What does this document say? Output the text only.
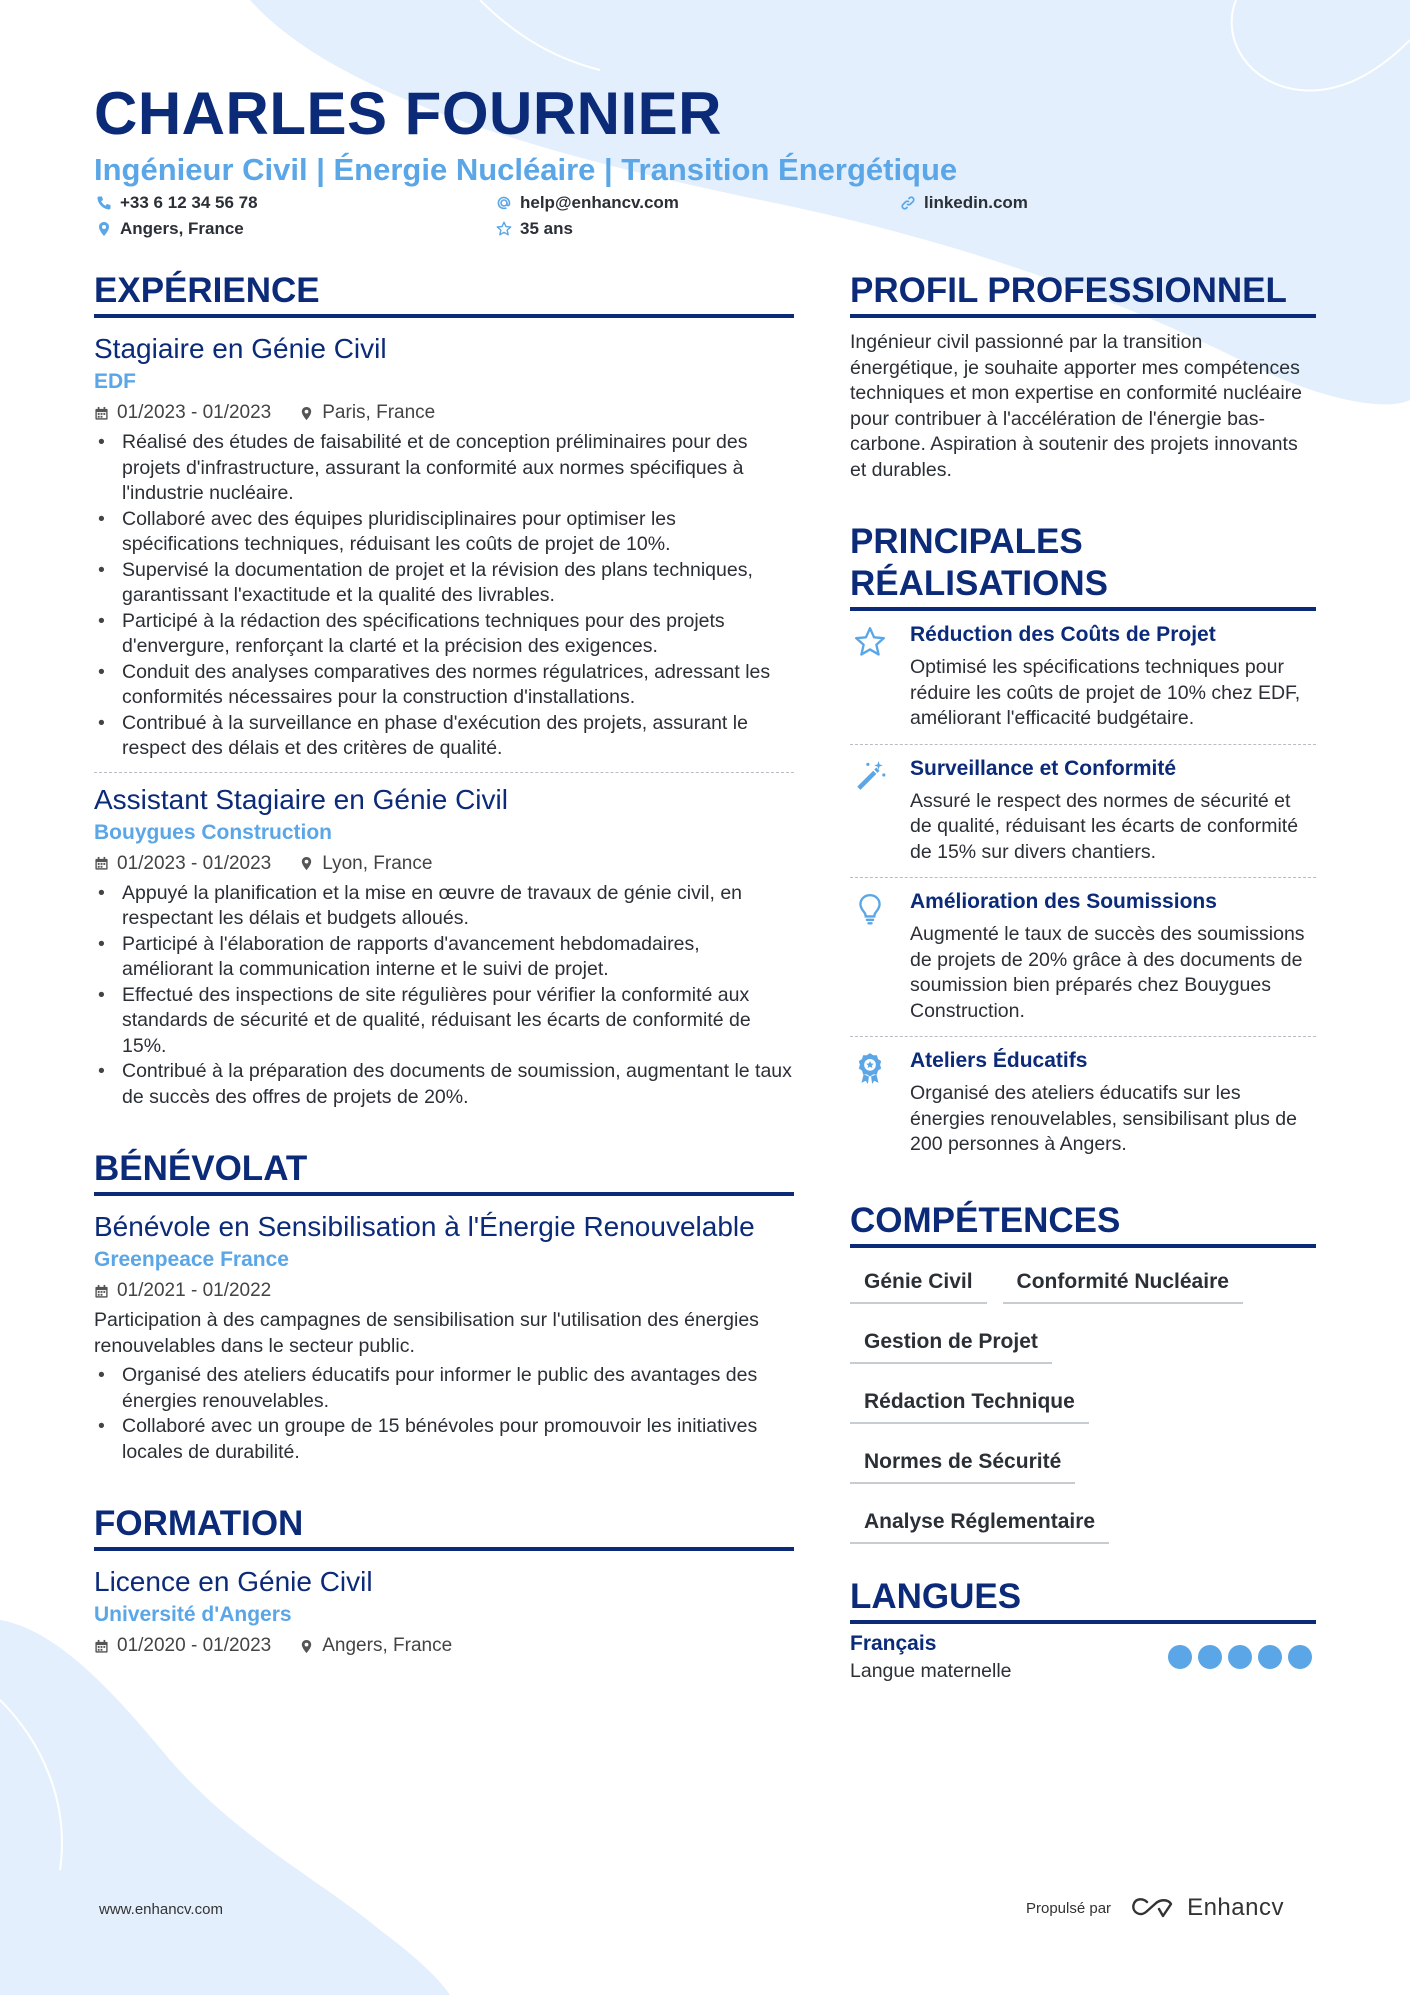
CHARLES FOURNIER
Ingénieur Civil | Énergie Nucléaire | Transition Énergétique
+33 6 12 34 56 78	help@enhancv.com	linkedin.com
Angers, France	35 ans
EXPÉRIENCE
Stagiaire en Génie Civil
EDF
01/2023 - 01/2023	Paris, France
• Réalisé des études de faisabilité et de conception préliminaires pour des projets d'infrastructure, assurant la conformité aux normes spécifiques à l'industrie nucléaire.
• Collaboré avec des équipes pluridisciplinaires pour optimiser les spécifications techniques, réduisant les coûts de projet de 10%.
• Supervisé la documentation de projet et la révision des plans techniques, garantissant l'exactitude et la qualité des livrables.
• Participé à la rédaction des spécifications techniques pour des projets d'envergure, renforçant la clarté et la précision des exigences.
• Conduit des analyses comparatives des normes régulatrices, adressant les conformités nécessaires pour la construction d'installations.
• Contribué à la surveillance en phase d'exécution des projets, assurant le respect des délais et des critères de qualité.
Assistant Stagiaire en Génie Civil
Bouygues Construction
01/2023 - 01/2023	Lyon, France
• Appuyé la planification et la mise en œuvre de travaux de génie civil, en respectant les délais et budgets alloués.
• Participé à l'élaboration de rapports d'avancement hebdomadaires, améliorant la communication interne et le suivi de projet.
• Effectué des inspections de site régulières pour vérifier la conformité aux standards de sécurité et de qualité, réduisant les écarts de conformité de 15%.
• Contribué à la préparation des documents de soumission, augmentant le taux de succès des offres de projets de 20%.
BÉNÉVOLAT
Bénévole en Sensibilisation à l'Énergie Renouvelable
Greenpeace France
01/2021 - 01/2022

Participation à des campagnes de sensibilisation sur l'utilisation des énergies renouvelables dans le secteur public.

• Organisé des ateliers éducatifs pour informer le public des avantages des énergies renouvelables.
• Collaboré avec un groupe de 15 bénévoles pour promouvoir les initiatives locales de durabilité.
FORMATION
Licence en Génie Civil
Université d'Angers
01/2020 - 01/2023	Angers, France
PROFIL PROFESSIONNEL

Ingénieur civil passionné par la transition énergétique, je souhaite apporter mes compétences techniques et mon expertise en conformité nucléaire pour contribuer à l'accélération de l'énergie bas-carbone. Aspiration à soutenir des projets innovants et durables.

PRINCIPALES
RÉALISATIONS
Réduction des Coûts de Projet

Optimisé les spécifications techniques pour réduire les coûts de projet de 10% chez EDF, améliorant l'efficacité budgétaire.

Surveillance et Conformité

Assuré le respect des normes de sécurité et de qualité, réduisant les écarts de conformité de 15% sur divers chantiers.

Amélioration des Soumissions

Augmenté le taux de succès des soumissions de projets de 20% grâce à des documents de soumission bien préparés chez Bouygues Construction.

Ateliers Éducatifs

Organisé des ateliers éducatifs sur les énergies renouvelables, sensibilisant plus de 200 personnes à Angers.

COMPÉTENCES
Génie Civil	Conformité Nucléaire
Gestion de Projet
Rédaction Technique
Normes de Sécurité
Analyse Réglementaire
LANGUES
Français
Langue maternelle
www.enhancv.com	Propulsé par	Enhancv
